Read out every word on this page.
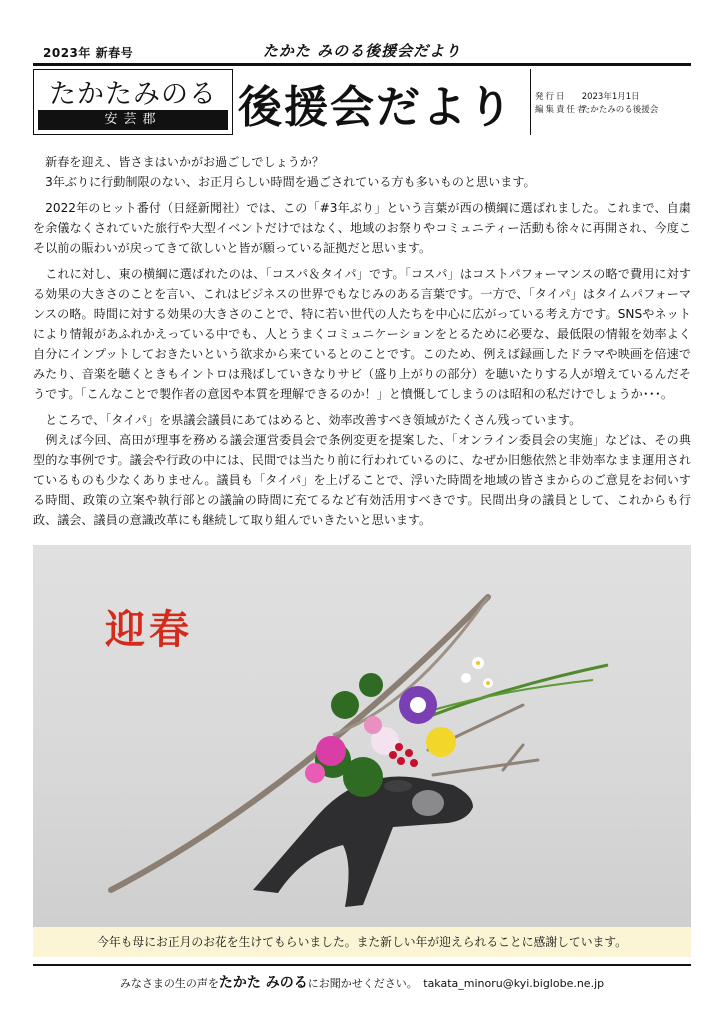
2023年 新春号	たかた みのる後援会だより
たかたみのる
安芸郡	後援会だより	発行日 2023年1月1日
編集責任者 たかたみのる後援会

　新春を迎え、皆さまはいかがお過ごしでしょうか？

　3年ぶりに行動制限のない、お正月らしい時間を過ごされている方も多いものと思います。

　2022年のヒット番付（日経新聞社）では、この「#3年ぶり」という言葉が西の横綱に選ばれました。これまで、自粛を余儀なくされていた旅行や大型イベントだけではなく、地域のお祭りやコミュニティー活動も徐々に再開され、今度こそ以前の賑わいが戻ってきて欲しいと皆が願っている証拠だと思います。

　これに対し、東の横綱に選ばれたのは、「コスパ＆タイパ」です。「コスパ」はコストパフォーマンスの略で費用に対する効果の大きさのことを言い、これはビジネスの世界でもなじみのある言葉です。一方で、「タイパ」はタイムパフォーマンスの略。時間に対する効果の大きさのことで、特に若い世代の人たちを中心に広がっている考え方です。SNSやネットにより情報があふれかえっている中でも、人とうまくコミュニケーションをとるために必要な、最低限の情報を効率よく自分にインプットしておきたいという欲求から来ているとのことです。このため、例えば録画したドラマや映画を倍速でみたり、音楽を聴くときもイントロは飛ばしていきなりサビ（盛り上がりの部分）を聴いたりする人が増えているんだそうです。「こんなことで製作者の意図や本質を理解できるのか！」と憤慨してしまうのは昭和の私だけでしょうか･･･。

　ところで、「タイパ」を県議会議員にあてはめると、効率改善すべき領域がたくさん残っています。

　例えば今回、高田が理事を務める議会運営委員会で条例変更を提案した、「オンライン委員会の実施」などは、その典型的な事例です。議会や行政の中には、民間では当たり前に行われているのに、なぜか旧態依然と非効率なまま運用されているものも少なくありません。議員も「タイパ」を上げることで、浮いた時間を地域の皆さまからのご意見をお伺いする時間、政策の立案や執行部との議論の時間に充てるなど有効活用すべきです。民間出身の議員として、これからも行政、議会、議員の意識改革にも継続して取り組んでいきたいと思います。

迎春
今年も母にお正月のお花を生けてもらいました。また新しい年が迎えられることに感謝しています。
みなさまの生の声をたかた みのるにお聞かせください。　 takata_minoru@kyi.biglobe.ne.jp
